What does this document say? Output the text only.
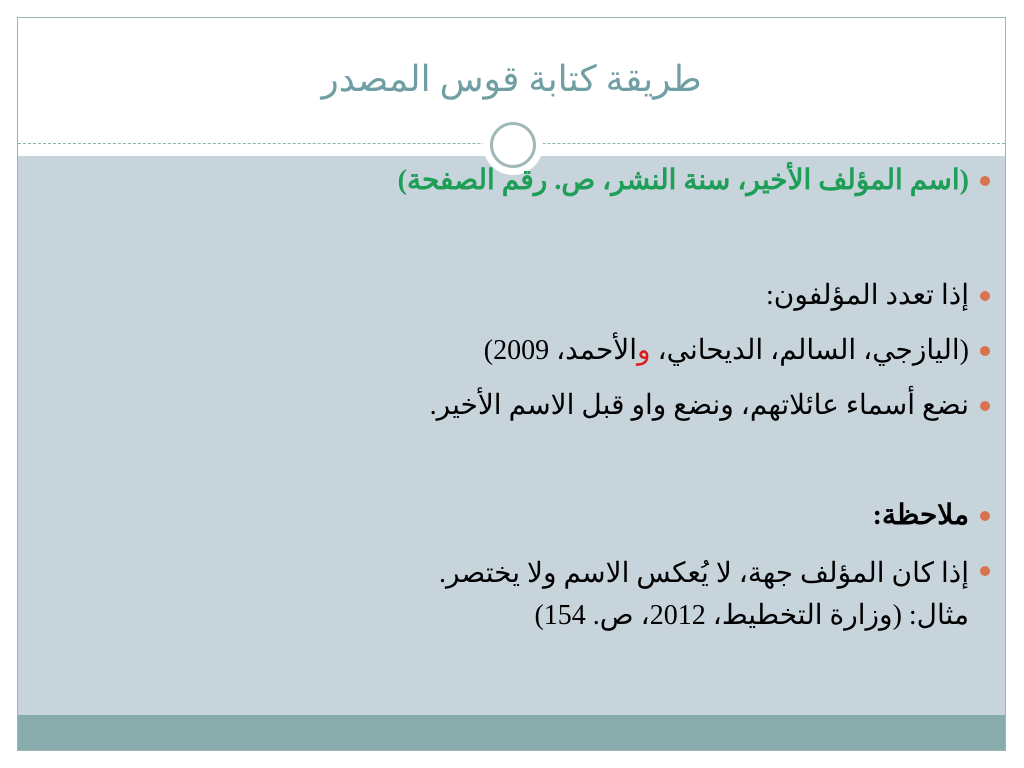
طريقة كتابة قوس المصدر
(اسم المؤلف الأخير، سنة النشر، ص. رقم الصفحة)
إذا تعدد المؤلفون:
(اليازجي، السالم، الديحاني، والأحمد، 2009)
نضع أسماء عائلاتهم، ونضع واو قبل الاسم الأخير.
ملاحظة:
إذا كان المؤلف جهة، لا يُعكس الاسم ولا يختصر.
مثال: (وزارة التخطيط، 2012، ص. 154)
